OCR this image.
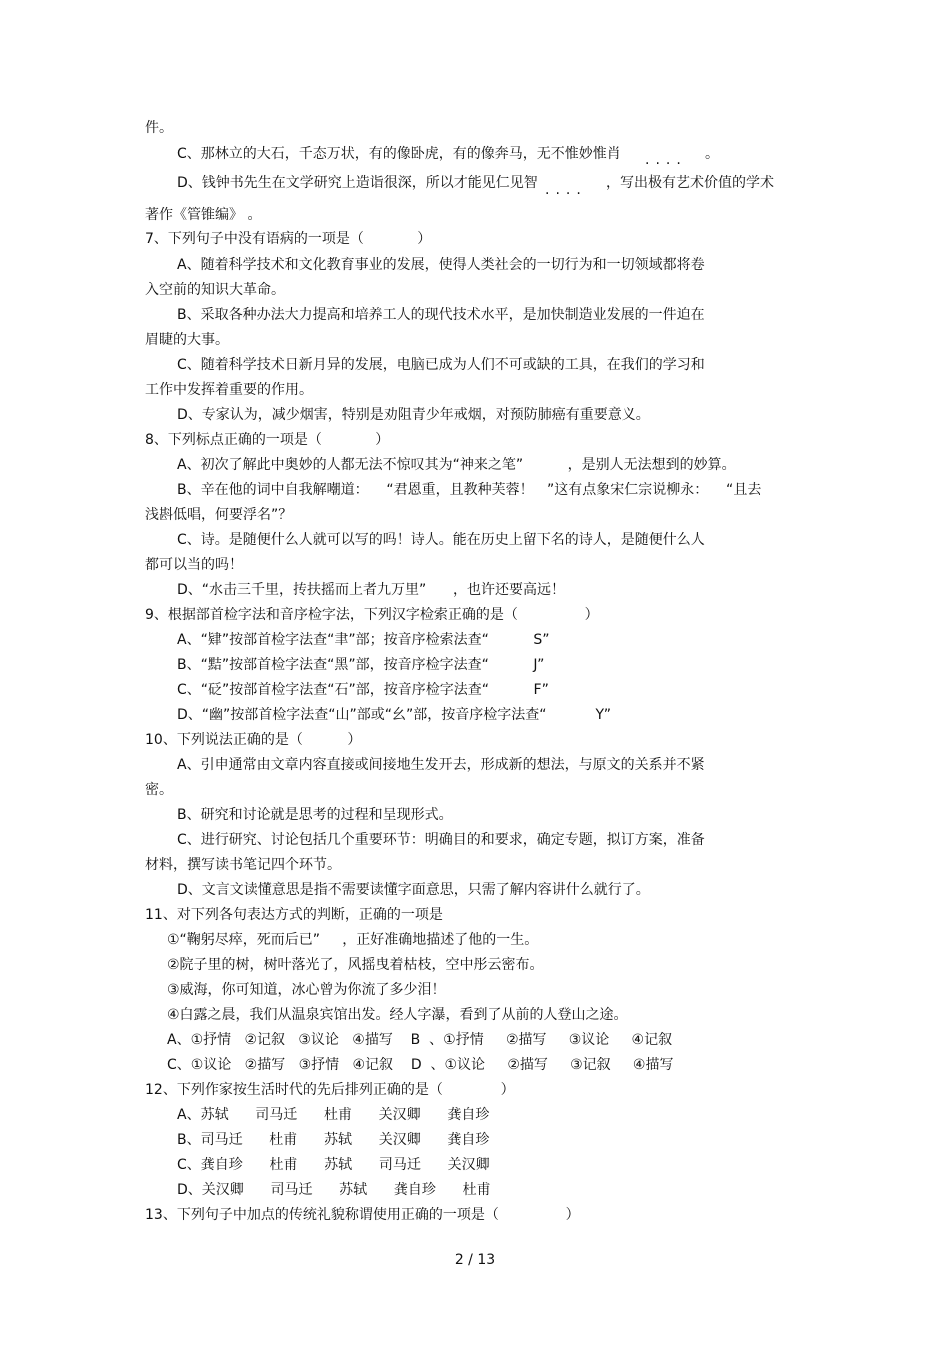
件。
C、那林立的大石，千态万状，有的像卧虎，有的像奔马，无不惟妙惟肖 .... 。
D、钱钟书先生在文学研究上造诣很深，所以才能见仁见智 .... ，写出极有艺术价值的学术
著作《管锥编》 。
7、下列句子中没有语病的一项是（            ）
A、随着科学技术和文化教育事业的发展，使得人类社会的一切行为和一切领域都将卷
入空前的知识大革命。
B、采取各种办法大力提高和培养工人的现代技术水平，是加快制造业发展的一件迫在
眉睫的大事。
C、随着科学技术日新月异的发展，电脑已成为人们不可或缺的工具，在我们的学习和
工作中发挥着重要的作用。
D、专家认为，减少烟害，特别是劝阻青少年戒烟，对预防肺癌有重要意义。
8、下列标点正确的一项是（            ）
A、初次了解此中奥妙的人都无法不惊叹其为“神来之笔”          ，是别人无法想到的妙算。
B、辛在他的词中自我解嘲道：    “君恩重，且教种芙蓉！   ”这有点象宋仁宗说柳永：    “且去
浅斟低唱，何要浮名”？
C、诗。是随便什么人就可以写的吗！诗人。能在历史上留下名的诗人，是随便什么人
都可以当的吗！
D、“水击三千里，抟扶摇而上者九万里”      ，也许还要高远！
9、根据部首检字法和音序检字法，下列汉字检索正确的是（               ）
A、“肄”按部首检字法查“聿”部；按音序检索法查“          S”
B、“黠”按部首检字法查“黑”部，按音序检字法查“          J”
C、“砭”按部首检字法查“石”部，按音序检字法查“          F”
D、“幽”按部首检字法查“山”部或“幺”部，按音序检字法查“           Y”
10、下列说法正确的是（          ）
A、引申通常由文章内容直接或间接地生发开去，形成新的想法，与原文的关系并不紧
密。
B、研究和讨论就是思考的过程和呈现形式。
C、进行研究、讨论包括几个重要环节：明确目的和要求，确定专题，拟订方案，准备
材料，撰写读书笔记四个环节。
D、文言文读懂意思是指不需要读懂字面意思，只需了解内容讲什么就行了。
11、对下列各句表达方式的判断，正确的一项是
①“鞠躬尽瘁，死而后已”     ，正好准确地描述了他的一生。
②院子里的树，树叶落光了，风摇曳着枯枝，空中彤云密布。
③威海，你可知道，冰心曾为你流了多少泪！
④白露之晨，我们从温泉宾馆出发。经人字瀑，看到了从前的人登山之途。
A、①抒情   ②记叙   ③议论   ④描写    B  、①抒情     ②描写     ③议论     ④记叙
C、①议论   ②描写   ③抒情   ④记叙    D  、①议论     ②描写     ③记叙     ④描写
12、下列作家按生活时代的先后排列正确的是（             ）
A、苏轼      司马迁      杜甫      关汉卿      龚自珍
B、司马迁      杜甫      苏轼      关汉卿      龚自珍
C、龚自珍      杜甫      苏轼      司马迁      关汉卿
D、关汉卿      司马迁      苏轼      龚自珍      杜甫
13、下列句子中加点的传统礼貌称谓使用正确的一项是（               ）
2 / 13
